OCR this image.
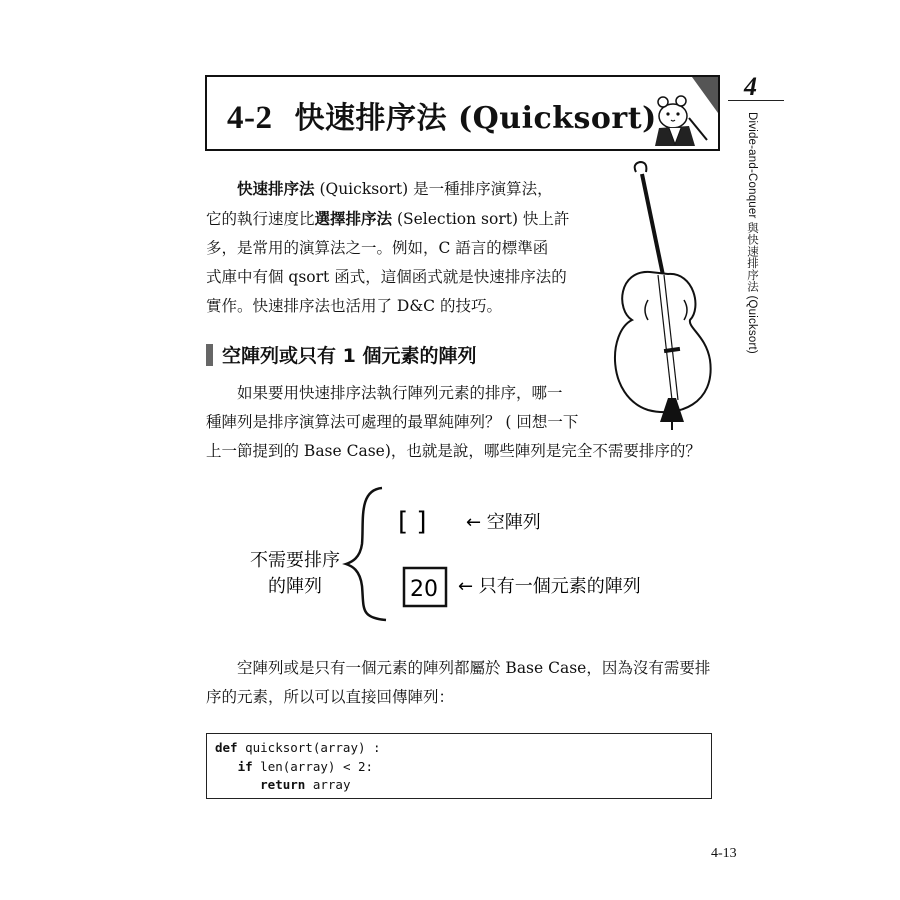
4-2 快速排序法 (Quicksort)
4
Divide-and-Conquer 與快速排序法 (Quicksort)
快速排序法 (Quicksort) 是一種排序演算法，
它的執行速度比選擇排序法 (Selection sort) 快上許
多，是常用的演算法之一。例如，C 語言的標準函
式庫中有個 qsort 函式，這個函式就是快速排序法的
實作。快速排序法也活用了 D&C 的技巧。
空陣列或只有 1 個元素的陣列
　　如果要用快速排序法執行陣列元素的排序，哪一
種陣列是排序演算法可處理的最單純陣列？ ( 回想一下
上一節提到的 Base Case)，也就是說，哪些陣列是完全不需要排序的？
不需要排序
的陣列
[ ] ← 空陣列
20 ← 只有一個元素的陣列
　　空陣列或是只有一個元素的陣列都屬於 Base Case，因為沒有需要排
序的元素，所以可以直接回傳陣列：
def quicksort(array) :
if len(array) < 2:
return array
4-13
